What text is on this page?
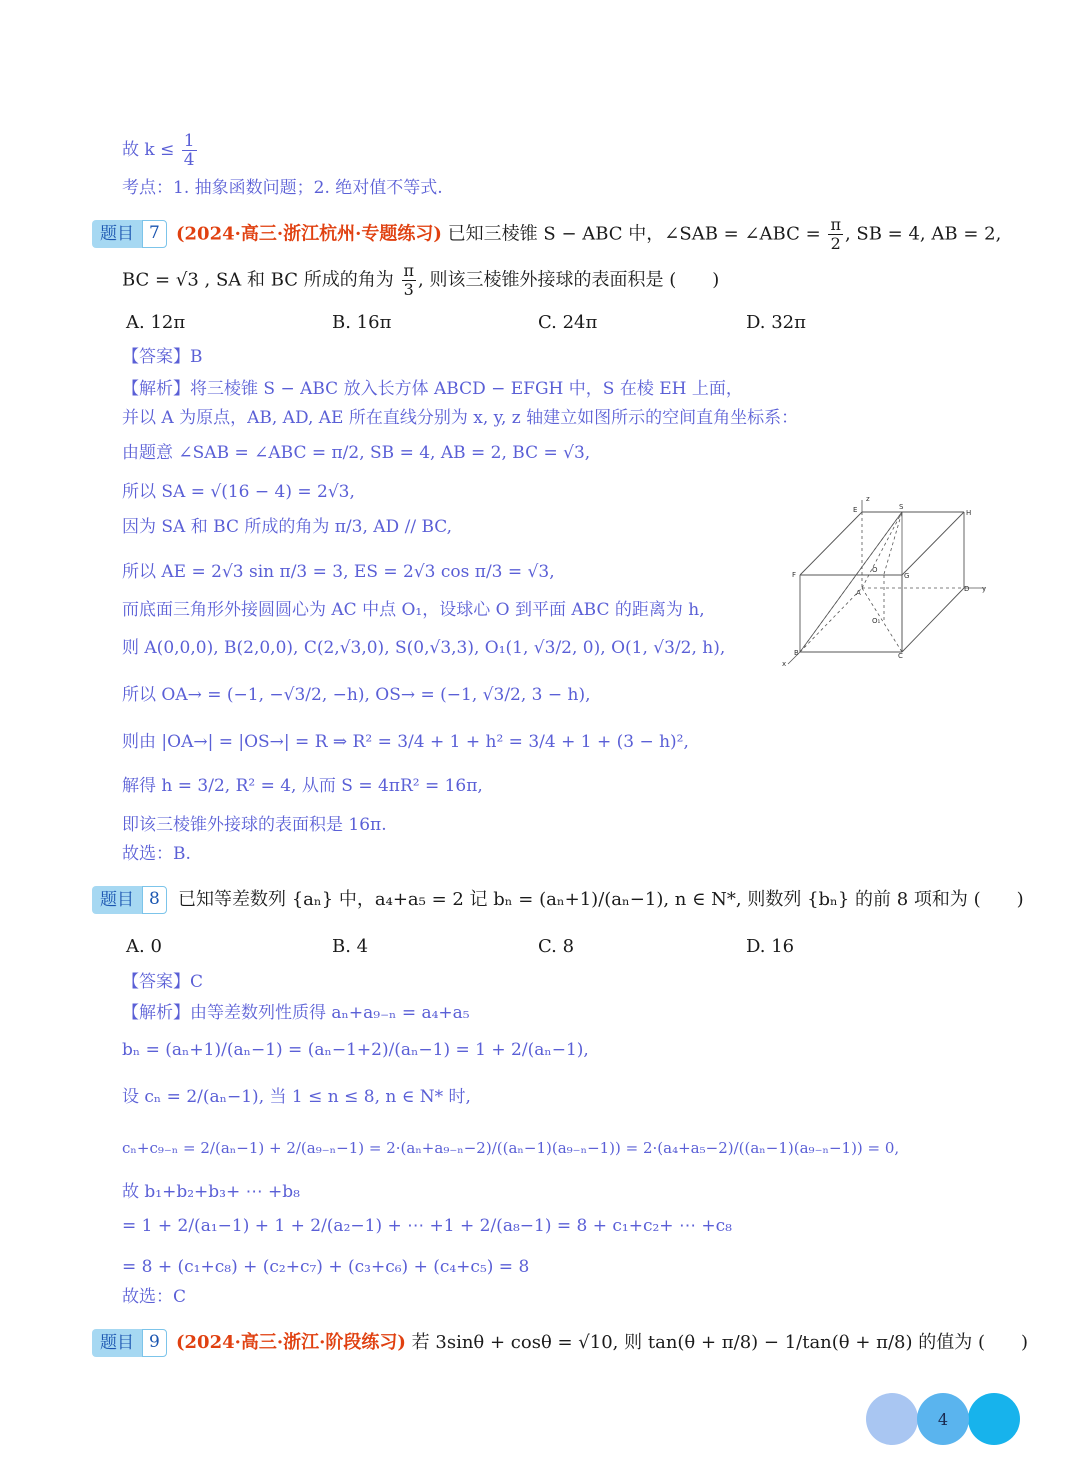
故 $k \le \frac{1}{4}$
考点：1. 抽象函数问题；2. 绝对值不等式.
题目 7 (2024·高三·浙江杭州·专题练习) 已知三棱锥 S − ABC 中，∠SAB = ∠ABC = $\frac{\pi}{2}$ , SB = 4, AB = 2,
BC = √3 , SA 和 BC 所成的角为 $\frac{\pi}{3}$ , 则该三棱锥外接球的表面积是 (　　)
A. 12π	B. 16π	C. 24π	D. 32π
【答案】B
【解析】将三棱锥 S − ABC 放入长方体 ABCD − EFGH 中，S 在棱 EH 上面，
并以 A 为原点，AB, AD, AE 所在直线分别为 x, y, z 轴建立如图所示的空间直角坐标系：
由题意 ∠SAB = ∠ABC = π/2, SB = 4, AB = 2, BC = √3,
所以 SA = √(16 − 4) = 2√3,
因为 SA 和 BC 所成的角为 π/3, AD // BC,
所以 AE = 2√3 sin π/3 = 3, ES = 2√3 cos π/3 = √3,
而底面三角形外接圆圆心为 AC 中点 O₁，设球心 O 到平面 ABC 的距离为 h,
则 A(0,0,0), B(2,0,0), C(2,√3,0), S(0,√3,3), O₁(1, √3/2, 0), O(1, √3/2, h),
所以 OA→ = (−1, −√3/2, −h), OS→ = (−1, √3/2, 3 − h),
则由 |OA→| = |OS→| = R ⇒ R² = 3/4 + 1 + h² = 3/4 + 1 + (3 − h)²,
解得 h = 3/2, R² = 4, 从而 S = 4πR² = 16π,
即该三棱锥外接球的表面积是 16π.
故选：B.
z
E	S
H
F
O
G
A	D y
O₁
B	C
x
题目 8	已知等差数列 {aₙ} 中，a₄+a₅ = 2 记 bₙ = (aₙ+1)/(aₙ−1), n ∈ N*, 则数列 {bₙ} 的前 8 项和为 (　　)
A. 0	B. 4	C. 8	D. 16
【答案】C
【解析】由等差数列性质得 aₙ+a₉₋ₙ = a₄+a₅
bₙ = (aₙ+1)/(aₙ−1) = (aₙ−1+2)/(aₙ−1) = 1 + 2/(aₙ−1),
设 cₙ = 2/(aₙ−1), 当 1 ≤ n ≤ 8, n ∈ N* 时,
cₙ+c₉₋ₙ = 2/(aₙ−1) + 2/(a₉₋ₙ−1) = 2·(aₙ+a₉₋ₙ−2)/((aₙ−1)(a₉₋ₙ−1)) = 2·(a₄+a₅−2)/((aₙ−1)(a₉₋ₙ−1)) = 0,
故 b₁+b₂+b₃+ ⋯ +b₈
= 1 + 2/(a₁−1) + 1 + 2/(a₂−1) + ⋯ +1 + 2/(a₈−1) = 8 + c₁+c₂+ ⋯ +c₈
= 8 + (c₁+c₈) + (c₂+c₇) + (c₃+c₆) + (c₄+c₅) = 8
故选：C
题目 9 (2024·高三·浙江·阶段练习) 若 3sinθ + cosθ = √10, 则 tan(θ + π/8) − 1/tan(θ + π/8) 的值为 (　　)
4
